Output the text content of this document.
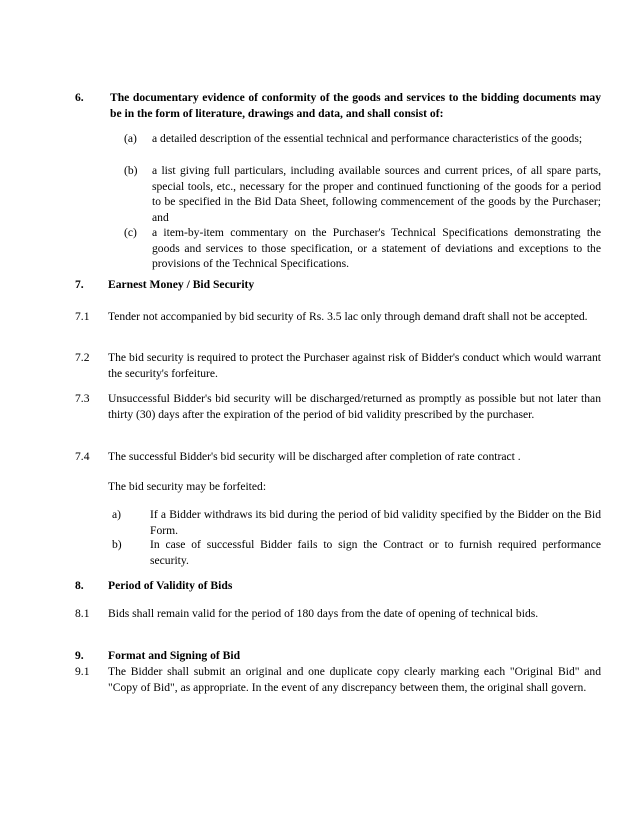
6. The documentary evidence of conformity of the goods and services to the bidding documents may be in the form of literature, drawings and data, and shall consist of:
(a) a detailed description of the essential technical and performance characteristics of the goods;
(b) a list giving full particulars, including available sources and current prices, of all spare parts, special tools, etc., necessary for the proper and continued functioning of the goods for a period to be specified in the Bid Data Sheet, following commencement of the goods by the Purchaser; and
(c) a item-by-item commentary on the Purchaser's Technical Specifications demonstrating the goods and services to those specification, or a statement of deviations and exceptions to the provisions of the Technical Specifications.
7. Earnest Money / Bid Security
7.1 Tender not accompanied by bid security of Rs. 3.5 lac only through demand draft shall not be accepted.
7.2 The bid security is required to protect the Purchaser against risk of Bidder's conduct which would warrant the security's forfeiture.
7.3 Unsuccessful Bidder's bid security will be discharged/returned as promptly as possible but not later than thirty (30) days after the expiration of the period of bid validity prescribed by the purchaser.
7.4 The successful Bidder's bid security will be discharged after completion of rate contract .
The bid security may be forfeited:
a) If a Bidder withdraws its bid during the period of bid validity specified by the Bidder on the Bid Form.
b) In case of successful Bidder fails to sign the Contract or to furnish required performance security.
8. Period of Validity of Bids
8.1 Bids shall remain valid for the period of 180 days from the date of opening of technical bids.
9. Format and Signing of Bid
9.1 The Bidder shall submit an original and one duplicate copy clearly marking each "Original Bid" and "Copy of Bid", as appropriate. In the event of any discrepancy between them, the original shall govern.
